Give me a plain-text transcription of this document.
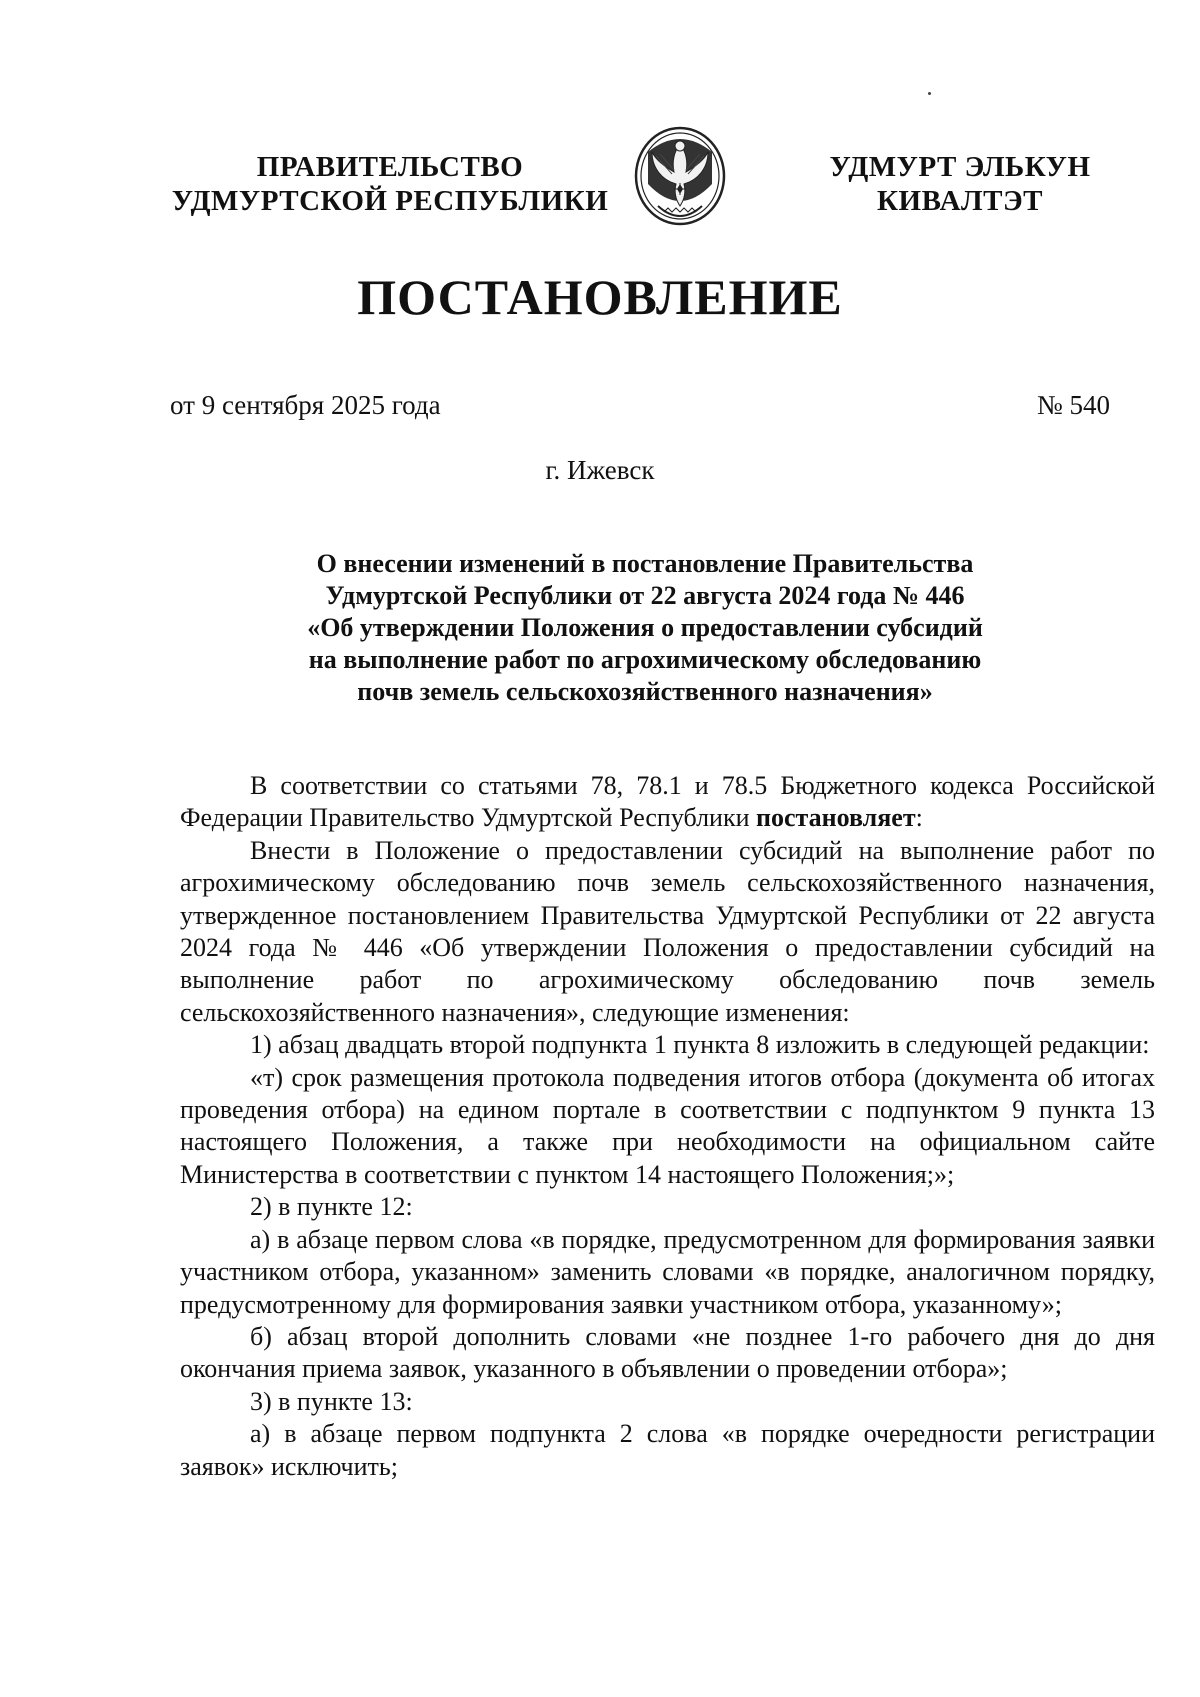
ПРАВИТЕЛЬСТВО
УДМУРТСКОЙ РЕСПУБЛИКИ
УДМУРТ ЭЛЬКУН
КИВАЛТЭТ
ПОСТАНОВЛЕНИЕ
от 9 сентября 2025 года	№ 540
г. Ижевск
О внесении изменений в постановление Правительства
Удмуртской Республики от 22 августа 2024 года № 446
«Об утверждении Положения о предоставлении субсидий
на выполнение работ по агрохимическому обследованию
почв земель сельскохозяйственного назначения»

В соответствии со статьями 78, 78.1 и 78.5 Бюджетного кодекса Российской Федерации Правительство Удмуртской Республики постановляет:

Внести в Положение о предоставлении субсидий на выполнение работ по агрохимическому обследованию почв земель сельскохозяйственного назначения, утвержденное постановлением Правительства Удмуртской Республики от 22 августа 2024 года № 446 «Об утверждении Положения о предоставлении субсидий на выполнение работ по агрохимическому обследованию почв земель сельскохозяйственного назначения», следующие изменения:

1) абзац двадцать второй подпункта 1 пункта 8 изложить в следующей редакции:

«т) срок размещения протокола подведения итогов отбора (документа об итогах проведения отбора) на едином портале в соответствии с подпунктом 9 пункта 13 настоящего Положения, а также при необходимости на официальном сайте Министерства в соответствии с пунктом 14 настоящего Положения;»;

2) в пункте 12:

а) в абзаце первом слова «в порядке, предусмотренном для формирования заявки участником отбора, указанном» заменить словами «в порядке, аналогичном порядку, предусмотренному для формирования заявки участником отбора, указанному»;

б) абзац второй дополнить словами «не позднее 1-го рабочего дня до дня окончания приема заявок, указанного в объявлении о проведении отбора»;

3) в пункте 13:

а) в абзаце первом подпункта 2 слова «в порядке очередности регистрации заявок» исключить;
